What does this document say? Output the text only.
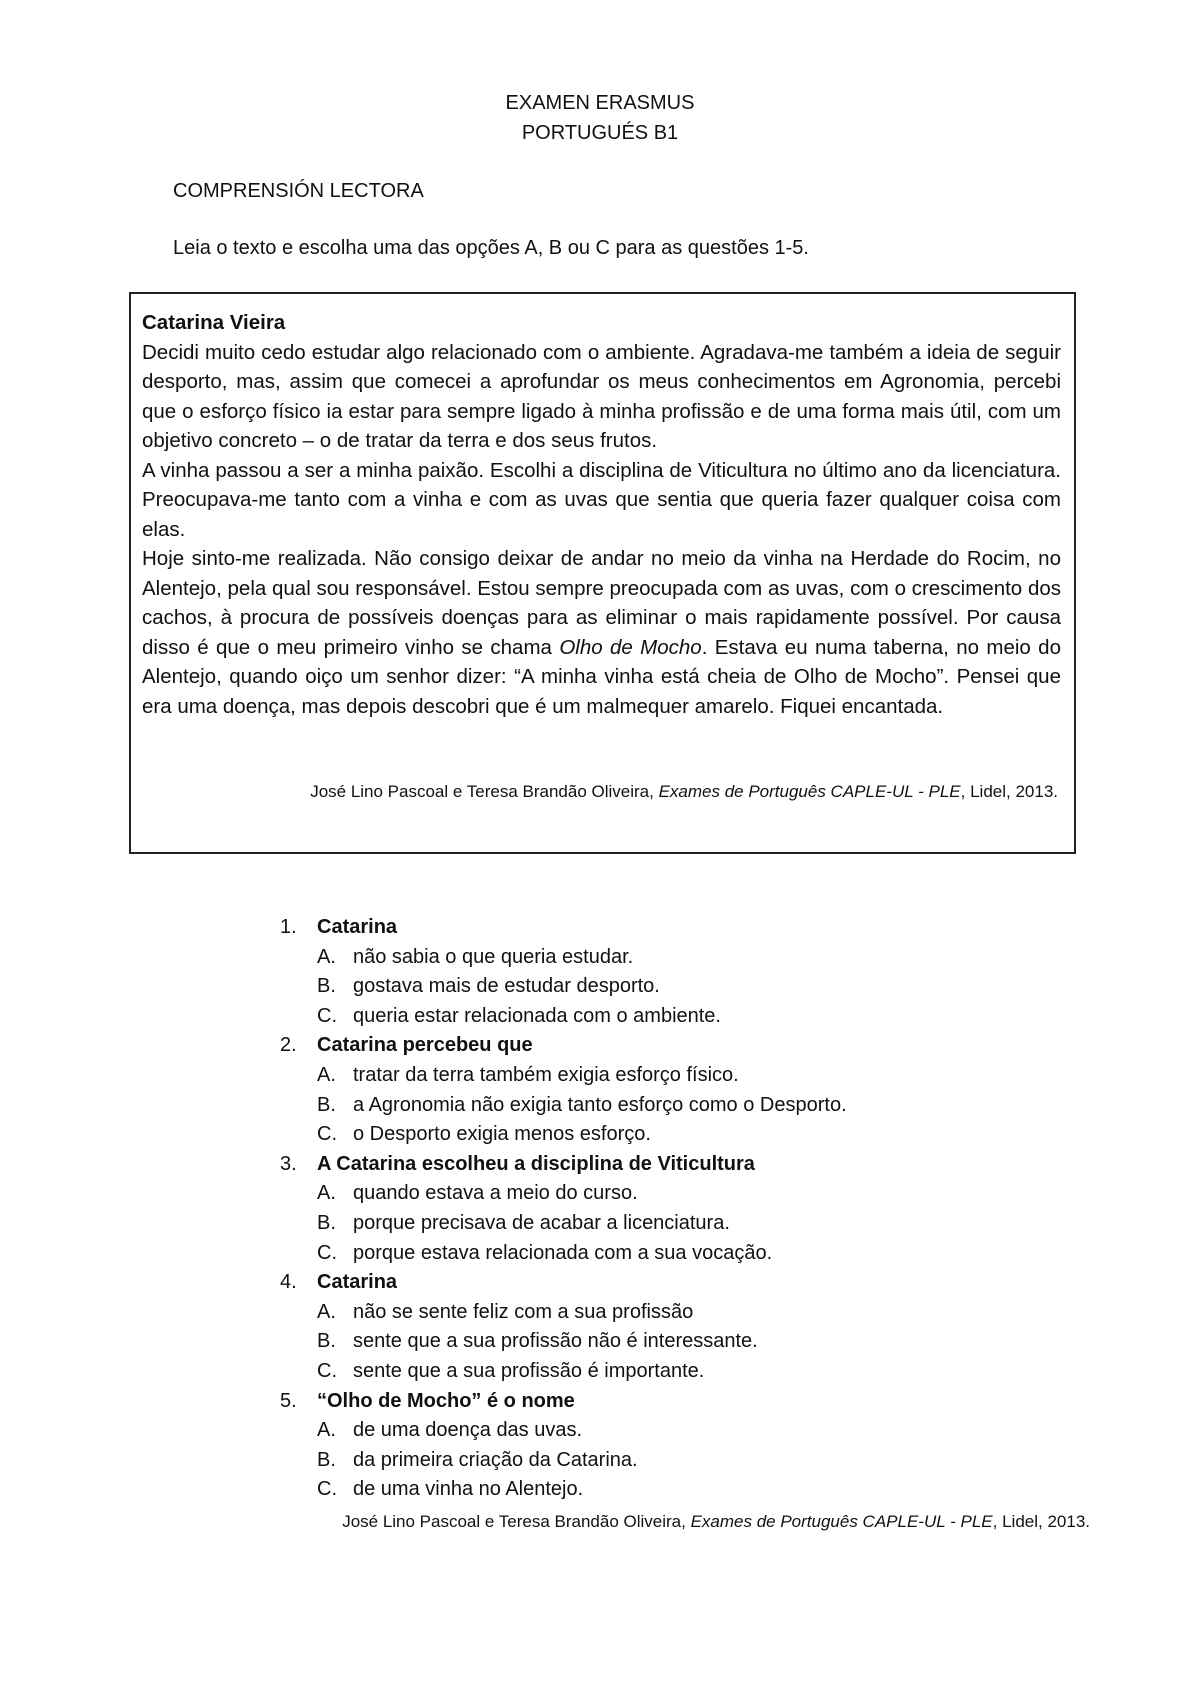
EXAMEN ERASMUS
PORTUGUÉS B1
COMPRENSIÓN LECTORA
Leia o texto e escolha uma das opções A, B ou C para as questões 1-5.

Catarina Vieira

Decidi muito cedo estudar algo relacionado com o ambiente. Agradava-me também a ideia de seguir desporto, mas, assim que comecei a aprofundar os meus conhecimentos em Agronomia, percebi que o esforço físico ia estar para sempre ligado à minha profissão e de uma forma mais útil, com um objetivo concreto – o de tratar da terra e dos seus frutos.

A vinha passou a ser a minha paixão. Escolhi a disciplina de Viticultura no último ano da licenciatura. Preocupava-me tanto com a vinha e com as uvas que sentia que queria fazer qualquer coisa com elas.

Hoje sinto-me realizada. Não consigo deixar de andar no meio da vinha na Herdade do Rocim, no Alentejo, pela qual sou responsável. Estou sempre preocupada com as uvas, com o crescimento dos cachos, à procura de possíveis doenças para as eliminar o mais rapidamente possível. Por causa disso é que o meu primeiro vinho se chama Olho de Mocho. Estava eu numa taberna, no meio do Alentejo, quando oiço um senhor dizer: “A minha vinha está cheia de Olho de Mocho”. Pensei que era uma doença, mas depois descobri que é um malmequer amarelo. Fiquei encantada.

José Lino Pascoal e Teresa Brandão Oliveira, Exames de Português CAPLE-UL - PLE, Lidel, 2013.
1. Catarina
A. não sabia o que queria estudar.
B. gostava mais de estudar desporto.
C. queria estar relacionada com o ambiente.
2. Catarina percebeu que
A. tratar da terra também exigia esforço físico.
B. a Agronomia não exigia tanto esforço como o Desporto.
C. o Desporto exigia menos esforço.
3. A Catarina escolheu a disciplina de Viticultura
A. quando estava a meio do curso.
B. porque precisava de acabar a licenciatura.
C. porque estava relacionada com a sua vocação.
4. Catarina
A. não se sente feliz com a sua profissão
B. sente que a sua profissão não é interessante.
C. sente que a sua profissão é importante.
5. “Olho de Mocho” é o nome
A. de uma doença das uvas.
B. da primeira criação da Catarina.
C. de uma vinha no Alentejo.
José Lino Pascoal e Teresa Brandão Oliveira, Exames de Português CAPLE-UL - PLE, Lidel, 2013.
